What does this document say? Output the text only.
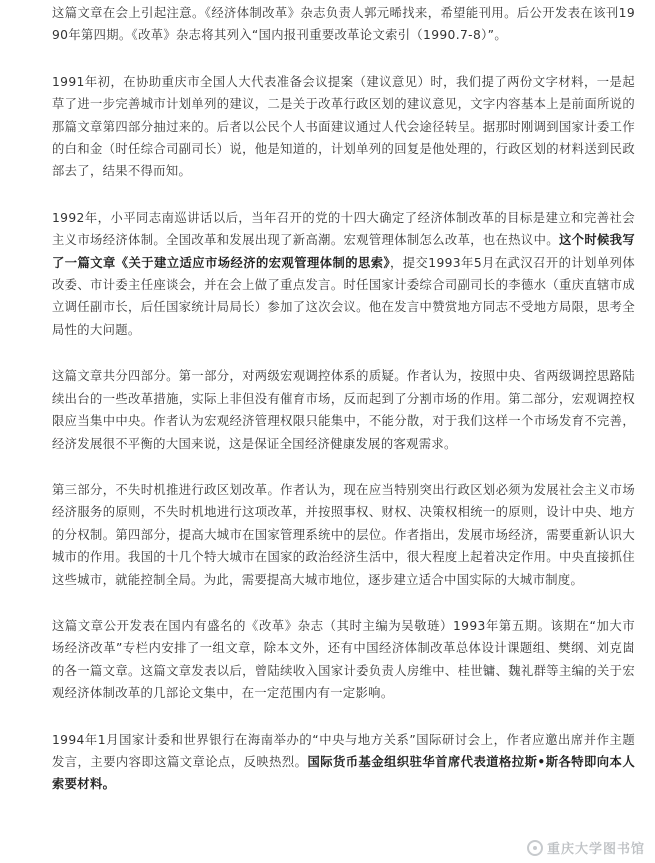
这篇文章在会上引起注意。《经济体制改革》杂志负责人郭元晞找来，希望能刊用。后公开发表在该刊1990年第四期。《改革》杂志将其列入“国内报刊重要改革论文索引（1990.7-8）”。

1991年初，在协助重庆市全国人大代表准备会议提案（建议意见）时，我们提了两份文字材料，一是起草了进一步完善城市计划单列的建议，二是关于改革行政区划的建议意见，文字内容基本上是前面所说的那篇文章第四部分抽过来的。后者以公民个人书面建议通过人代会途径转呈。据那时刚调到国家计委工作的白和金（时任综合司副司长）说，他是知道的，计划单列的回复是他处理的，行政区划的材料送到民政部去了，结果不得而知。

1992年，小平同志南巡讲话以后，当年召开的党的十四大确定了经济体制改革的目标是建立和完善社会主义市场经济体制。全国改革和发展出现了新高潮。宏观管理体制怎么改革，也在热议中。这个时候我写了一篇文章《关于建立适应市场经济的宏观管理体制的思索》，提交1993年5月在武汉召开的计划单列体改委、市计委主任座谈会，并在会上做了重点发言。时任国家计委综合司副司长的李德水（重庆直辖市成立调任副市长，后任国家统计局局长）参加了这次会议。他在发言中赞赏地方同志不受地方局限，思考全局性的大问题。

这篇文章共分四部分。第一部分，对两级宏观调控体系的质疑。作者认为，按照中央、省两级调控思路陆续出台的一些改革措施，实际上非但没有催育市场，反而起到了分割市场的作用。第二部分，宏观调控权限应当集中中央。作者认为宏观经济管理权限只能集中，不能分散，对于我们这样一个市场发育不完善，经济发展很不平衡的大国来说，这是保证全国经济健康发展的客观需求。

第三部分，不失时机推进行政区划改革。作者认为，现在应当特别突出行政区划必须为发展社会主义市场经济服务的原则，不失时机地进行这项改革，并按照事权、财权、决策权相统一的原则，设计中央、地方的分权制。第四部分，提高大城市在国家管理系统中的层位。作者指出，发展市场经济，需要重新认识大城市的作用。我国的十几个特大城市在国家的政治经济生活中，很大程度上起着决定作用。中央直接抓住这些城市，就能控制全局。为此，需要提高大城市地位，逐步建立适合中国实际的大城市制度。

这篇文章公开发表在国内有盛名的《改革》杂志（其时主编为吴敬琏）1993年第五期。该期在“加大市场经济改革”专栏内安排了一组文章，除本文外，还有中国经济体制改革总体设计课题组、樊纲、刘克崮的各一篇文章。这篇文章发表以后，曾陆续收入国家计委负责人房维中、桂世镛、魏礼群等主编的关于宏观经济体制改革的几部论文集中，在一定范围内有一定影响。

1994年1月国家计委和世界银行在海南举办的“中央与地方关系”国际研讨会上，作者应邀出席并作主题发言，主要内容即这篇文章论点，反映热烈。国际货币基金组织驻华首席代表道格拉斯•斯各特即向本人索要材料。

重庆大学图书馆
